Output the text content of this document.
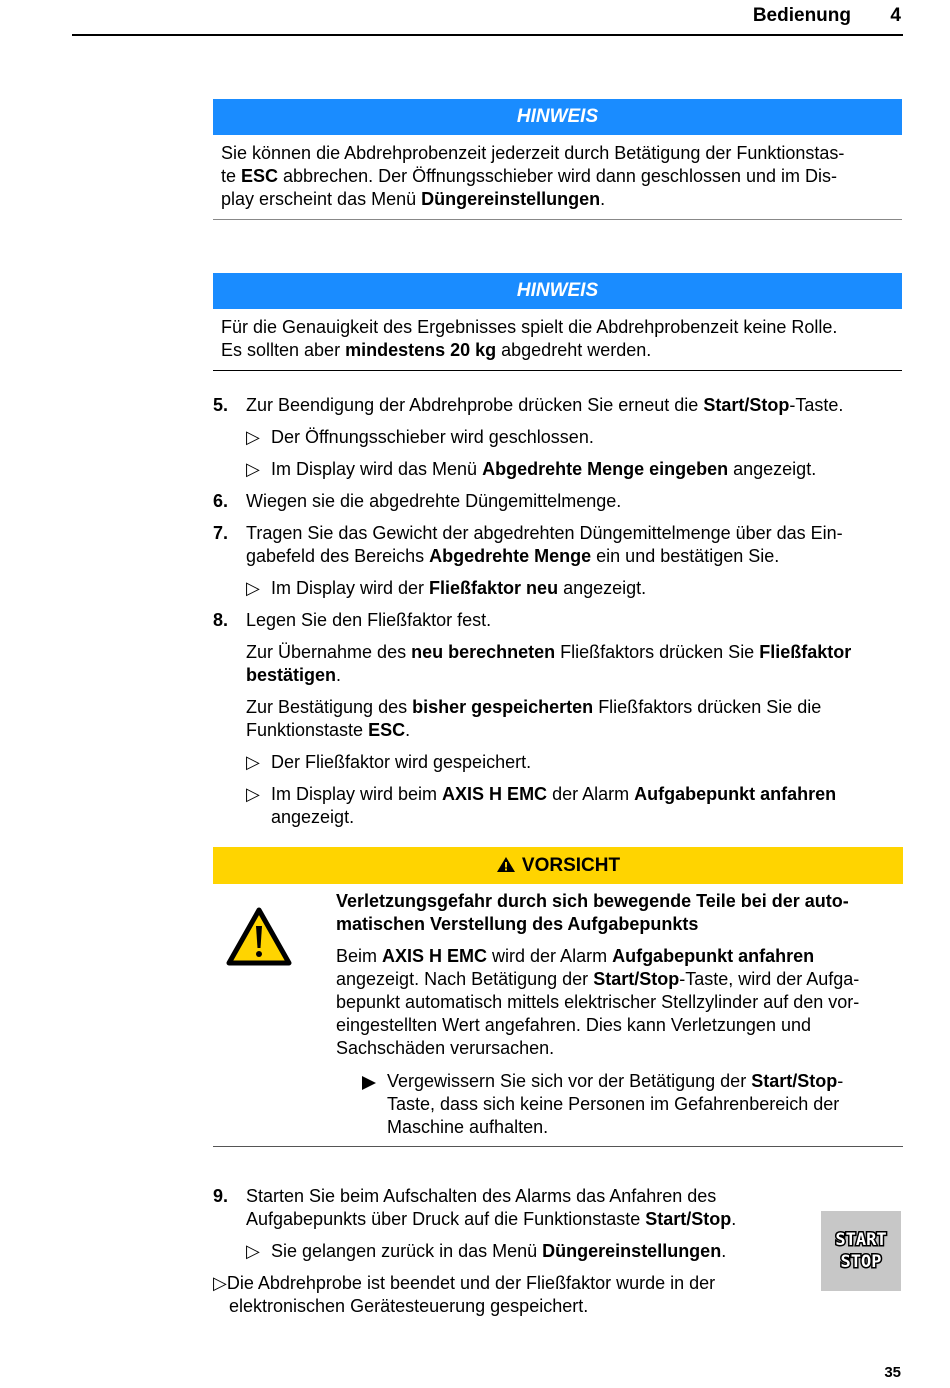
Bedienung 4
HINWEIS
Sie können die Abdrehprobenzeit jederzeit durch Betätigung der Funktionstas-
te ESC abbrechen. Der Öffnungsschieber wird dann geschlossen und im Dis-
play erscheint das Menü Düngereinstellungen.
HINWEIS
Für die Genauigkeit des Ergebnisses spielt die Abdrehprobenzeit keine Rolle.
Es sollten aber mindestens 20 kg abgedreht werden.
5. Zur Beendigung der Abdrehprobe drücken Sie erneut die Start/Stop-Taste.
▷ Der Öffnungsschieber wird geschlossen.
▷ Im Display wird das Menü Abgedrehte Menge eingeben angezeigt.
6. Wiegen sie die abgedrehte Düngemittelmenge.
7. Tragen Sie das Gewicht der abgedrehten Düngemittelmenge über das Ein-
gabefeld des Bereichs Abgedrehte Menge ein und bestätigen Sie.
▷ Im Display wird der Fließfaktor neu angezeigt.
8. Legen Sie den Fließfaktor fest.
Zur Übernahme des neu berechneten Fließfaktors drücken Sie Fließfaktor
bestätigen.
Zur Bestätigung des bisher gespeicherten Fließfaktors drücken Sie die
Funktionstaste ESC.
▷ Der Fließfaktor wird gespeichert.
▷ Im Display wird beim AXIS H EMC der Alarm Aufgabepunkt anfahren
angezeigt.
VORSICHT
Verletzungsgefahr durch sich bewegende Teile bei der auto-
matischen Verstellung des Aufgabepunkts
Beim AXIS H EMC wird der Alarm Aufgabepunkt anfahren
angezeigt. Nach Betätigung der Start/Stop-Taste, wird der Aufga-
bepunkt automatisch mittels elektrischer Stellzylinder auf den vor-
eingestellten Wert angefahren. Dies kann Verletzungen und
Sachschäden verursachen.
Vergewissern Sie sich vor der Betätigung der Start/Stop-
Taste, dass sich keine Personen im Gefahrenbereich der
Maschine aufhalten.
9. Starten Sie beim Aufschalten des Alarms das Anfahren des
Aufgabepunkts über Druck auf die Funktionstaste Start/Stop.
▷ Sie gelangen zurück in das Menü Düngereinstellungen.
▷Die Abdrehprobe ist beendet und der Fließfaktor wurde in der
elektronischen Gerätesteuerung gespeichert.
START
STOP
35
